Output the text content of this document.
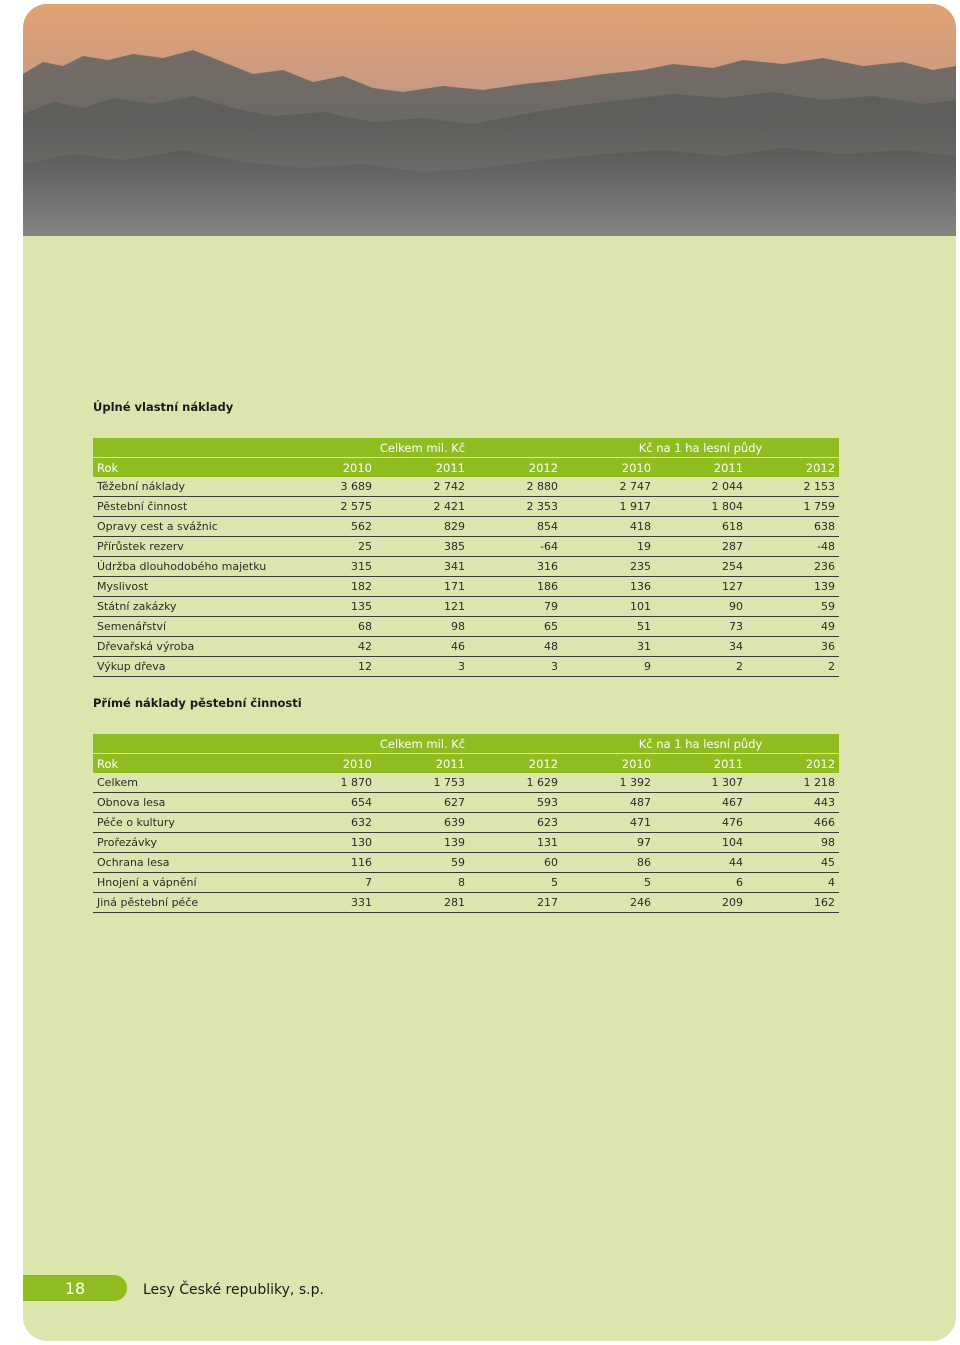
Úplné vlastní náklady
	Celkem mil. Kč			Kč na 1 ha lesní půdy		
Rok	2010	2011	2012	2010	2011	2012
Těžební náklady	3 689	2 742	2 880	2 747	2 044	2 153
Pěstební činnost	2 575	2 421	2 353	1 917	1 804	1 759
Opravy cest a svážnic	562	829	854	418	618	638
Přírůstek rezerv	25	385	-64	19	287	-48
Údržba dlouhodobého majetku	315	341	316	235	254	236
Myslivost	182	171	186	136	127	139
Státní zakázky	135	121	79	101	90	59
Semenářství	68	98	65	51	73	49
Dřevařská výroba	42	46	48	31	34	36
Výkup dřeva	12	3	3	9	2	2
Přímé náklady pěstební činnosti
	Celkem mil. Kč			Kč na 1 ha lesní půdy		
Rok	2010	2011	2012	2010	2011	2012
Celkem	1 870	1 753	1 629	1 392	1 307	1 218
Obnova lesa	654	627	593	487	467	443
Péče o kultury	632	639	623	471	476	466
Prořezávky	130	139	131	97	104	98
Ochrana lesa	116	59	60	86	44	45
Hnojení a vápnění	7	8	5	5	6	4
Jiná pěstební péče	331	281	217	246	209	162
18	Lesy České republiky, s.p.
